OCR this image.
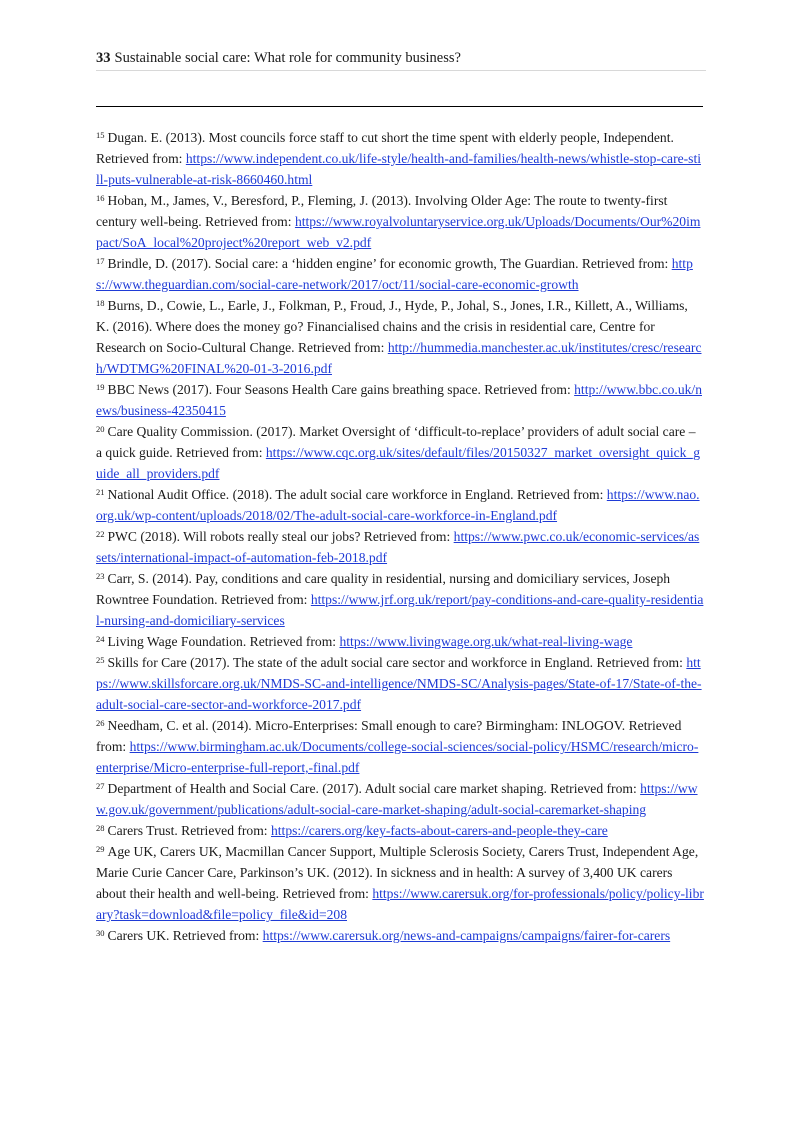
33 Sustainable social care: What role for community business?

$^{15}$ Dugan. E. (2013). Most councils force staff to cut short the time spent with elderly people, Independent. Retrieved from: https://www.independent.co.uk/life-style/health-and-families/health-news/whistle-stop-care-still-puts-vulnerable-at-risk-8660460.html

$^{16}$ Hoban, M., James, V., Beresford, P., Fleming, J. (2013). Involving Older Age: The route to twenty-first century well-being. Retrieved from: https://www.royalvoluntaryservice.org.uk/Uploads/Documents/Our%20impact/SoA_local%20project%20report_web_v2.pdf

$^{17}$ Brindle, D. (2017). Social care: a ‘hidden engine’ for economic growth, The Guardian. Retrieved from: https://www.theguardian.com/social-care-network/2017/oct/11/social-care-economic-growth

$^{18}$ Burns, D., Cowie, L., Earle, J., Folkman, P., Froud, J., Hyde, P., Johal, S., Jones, I.R., Killett, A., Williams, K. (2016). Where does the money go? Financialised chains and the crisis in residential care, Centre for Research on Socio-Cultural Change. Retrieved from: http://hummedia.manchester.ac.uk/institutes/cresc/research/WDTMG%20FINAL%20-01-3-2016.pdf

$^{19}$ BBC News (2017). Four Seasons Health Care gains breathing space. Retrieved from: http://www.bbc.co.uk/news/business-42350415

$^{20}$ Care Quality Commission. (2017). Market Oversight of ‘difficult-to-replace’ providers of adult social care – a quick guide. Retrieved from: https://www.cqc.org.uk/sites/default/files/20150327_market_oversight_quick_guide_all_providers.pdf

$^{21}$ National Audit Office. (2018). The adult social care workforce in England. Retrieved from: https://www.nao.org.uk/wp-content/uploads/2018/02/The-adult-social-care-workforce-in-England.pdf

$^{22}$ PWC (2018). Will robots really steal our jobs? Retrieved from: https://www.pwc.co.uk/economic-services/assets/international-impact-of-automation-feb-2018.pdf

$^{23}$ Carr, S. (2014). Pay, conditions and care quality in residential, nursing and domiciliary services, Joseph Rowntree Foundation. Retrieved from: https://www.jrf.org.uk/report/pay-conditions-and-care-quality-residential-nursing-and-domiciliary-services

$^{24}$ Living Wage Foundation. Retrieved from: https://www.livingwage.org.uk/what-real-living-wage

$^{25}$ Skills for Care (2017). The state of the adult social care sector and workforce in England. Retrieved from: https://www.skillsforcare.org.uk/NMDS-SC-and-intelligence/NMDS-SC/Analysis-pages/State-of-17/State-of-the-adult-social-care-sector-and-workforce-2017.pdf

$^{26}$ Needham, C. et al. (2014). Micro-Enterprises: Small enough to care? Birmingham: INLOGOV. Retrieved from: https://www.birmingham.ac.uk/Documents/college-social-sciences/social-policy/HSMC/research/micro-enterprise/Micro-enterprise-full-report,-final.pdf

$^{27}$ Department of Health and Social Care. (2017). Adult social care market shaping. Retrieved from: https://www.gov.uk/government/publications/adult-social-care-market-shaping/adult-social-caremarket-shaping

$^{28}$ Carers Trust. Retrieved from: https://carers.org/key-facts-about-carers-and-people-they-care

$^{29}$ Age UK, Carers UK, Macmillan Cancer Support, Multiple Sclerosis Society, Carers Trust, Independent Age, Marie Curie Cancer Care, Parkinson’s UK. (2012). In sickness and in health: A survey of 3,400 UK carers about their health and well-being. Retrieved from: https://www.carersuk.org/for-professionals/policy/policy-library?task=download&file=policy_file&id=208

$^{30}$ Carers UK. Retrieved from: https://www.carersuk.org/news-and-campaigns/campaigns/fairer-for-carers
